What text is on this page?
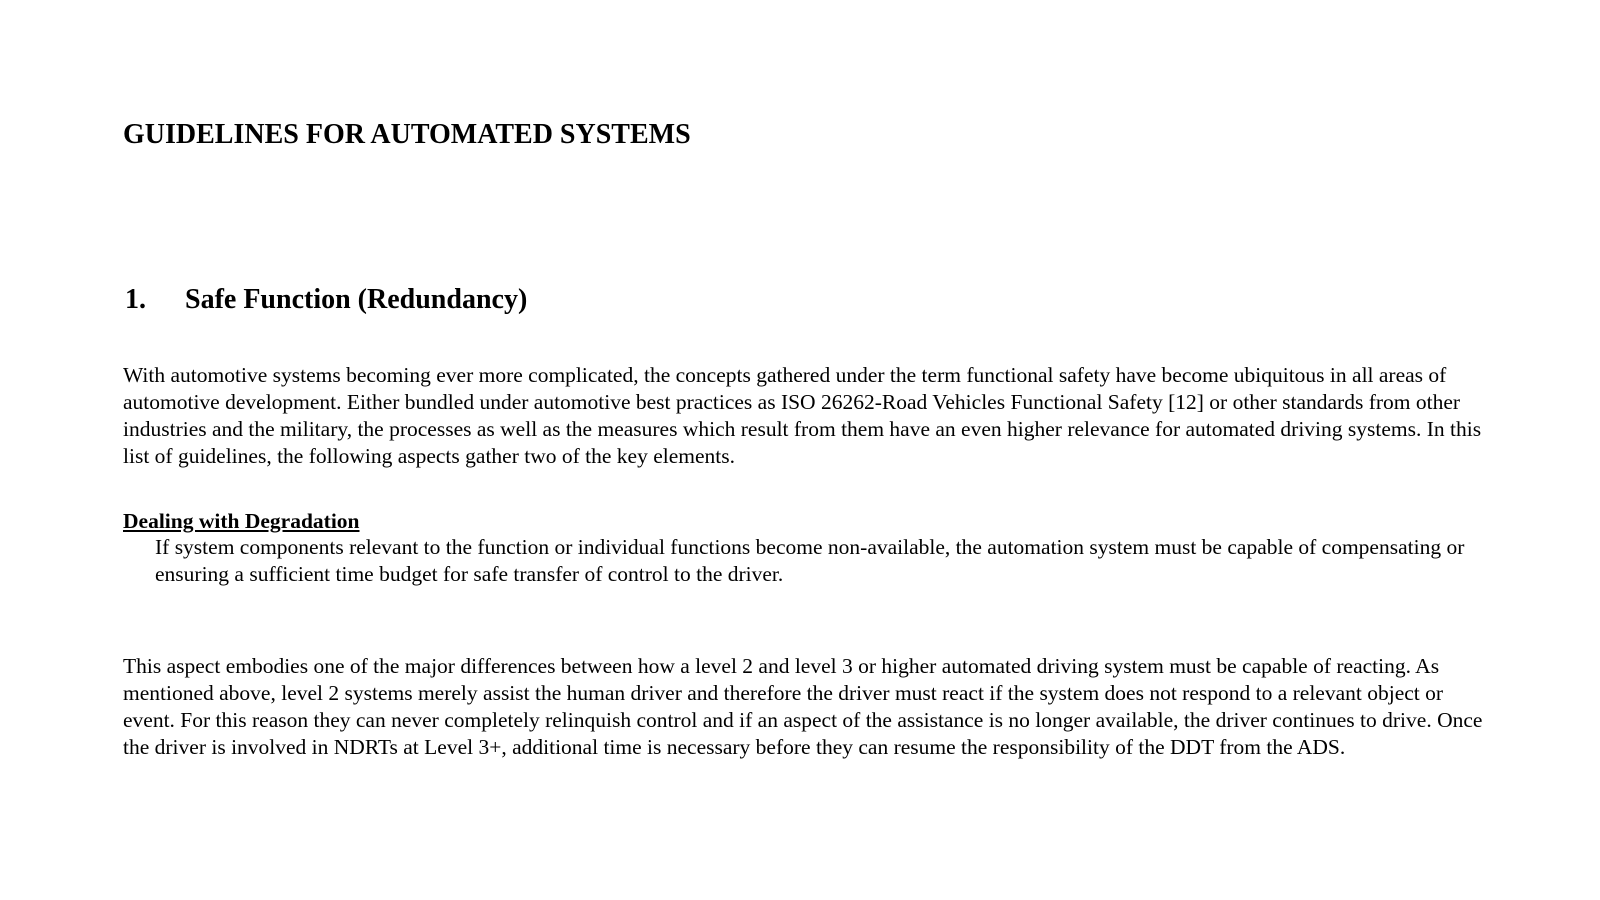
GUIDELINES FOR AUTOMATED SYSTEMS
1. Safe Function (Redundancy)

With automotive systems becoming ever more complicated, the concepts gathered under the term functional safety have become ubiquitous in all areas of automotive development. Either bundled under automotive best practices as ISO 26262-Road Vehicles Functional Safety [12] or other standards from other industries and the military, the processes as well as the measures which result from them have an even higher relevance for automated driving systems. In this list of guidelines, the following aspects gather two of the key elements.

Dealing with Degradation

If system components relevant to the function or individual functions become non-available, the automation system must be capable of compensating or ensuring a sufficient time budget for safe transfer of control to the driver.

This aspect embodies one of the major differences between how a level 2 and level 3 or higher automated driving system must be capable of reacting. As mentioned above, level 2 systems merely assist the human driver and therefore the driver must react if the system does not respond to a relevant object or event. For this reason they can never completely relinquish control and if an aspect of the assistance is no longer available, the driver continues to drive. Once the driver is involved in NDRTs at Level 3+, additional time is necessary before they can resume the responsibility of the DDT from the ADS.
